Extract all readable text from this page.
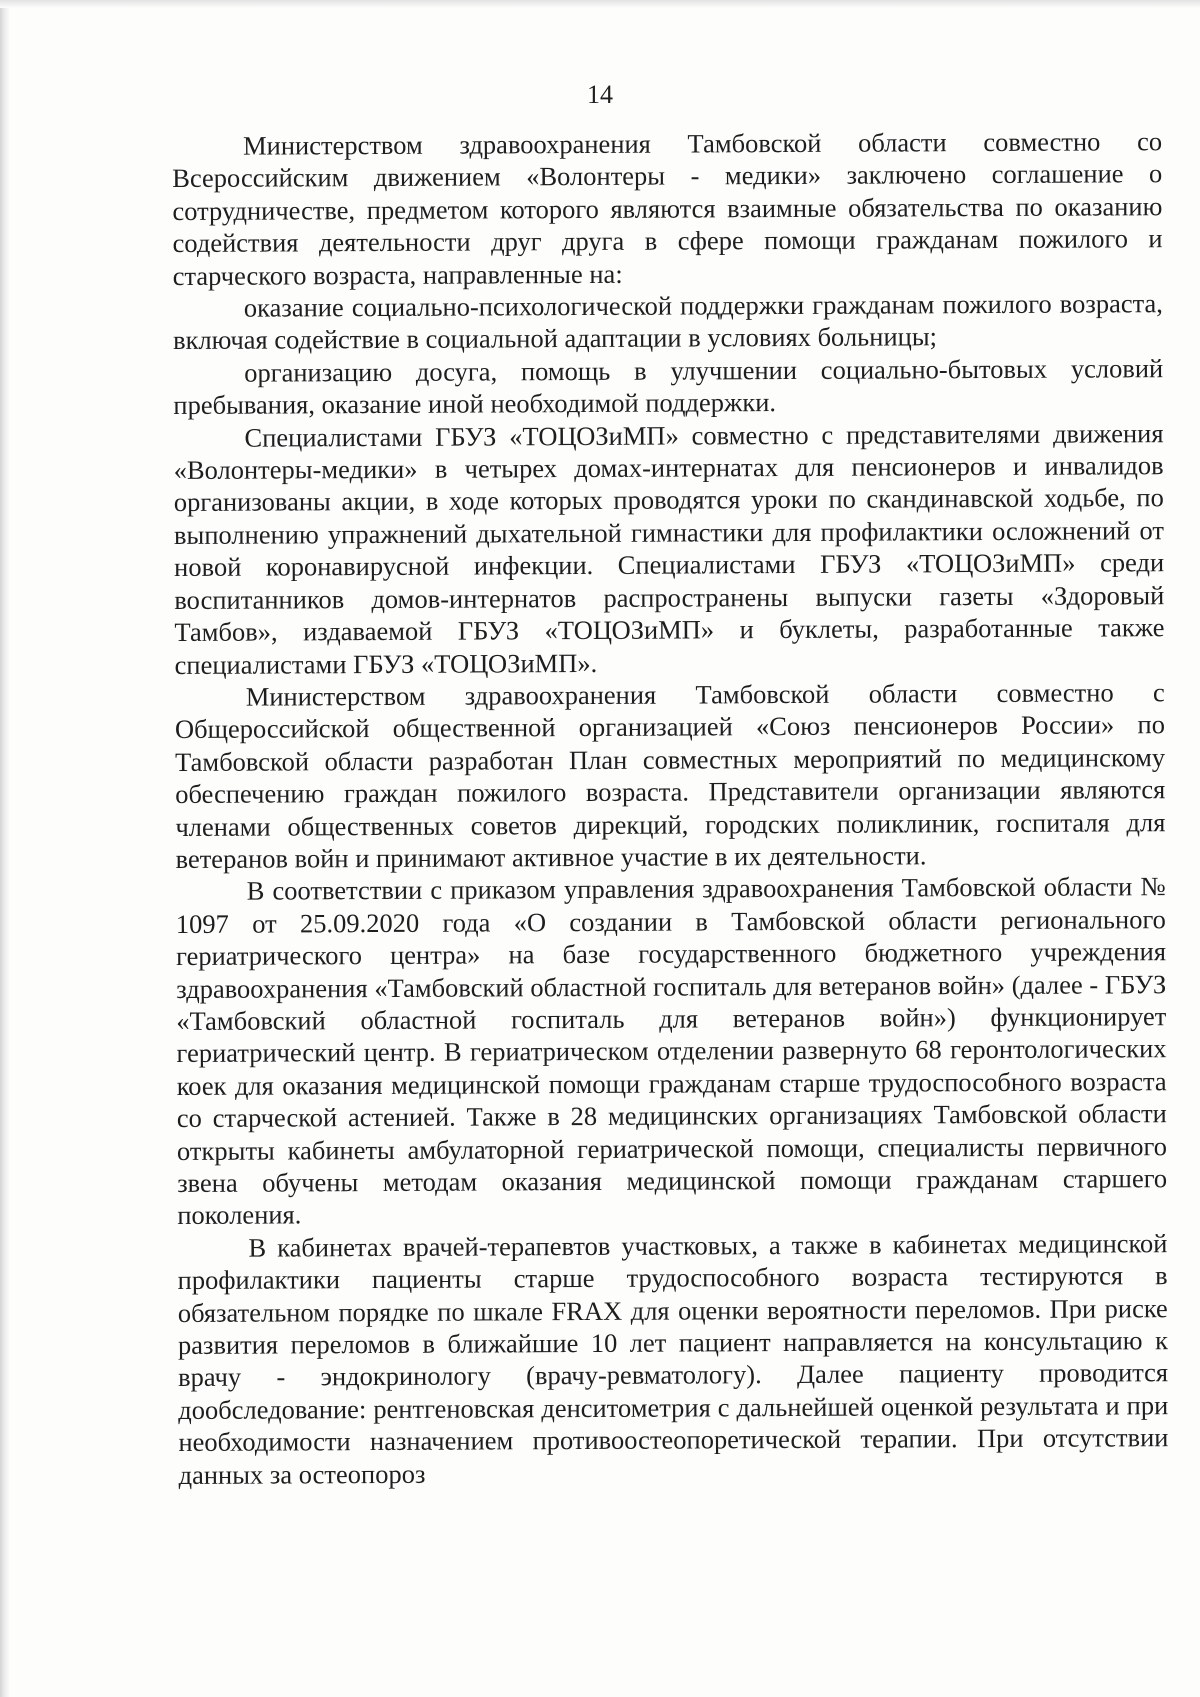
14

Министерством здравоохранения Тамбовской области совместно со Всероссийским движением «Волонтеры - медики» заключено соглашение о сотрудничестве, предметом которого являются взаимные обязательства по оказанию содействия деятельности друг друга в сфере помощи гражданам пожилого и старческого возраста, направленные на:

оказание социально-психологической поддержки гражданам пожилого возраста, включая содействие в социальной адаптации в условиях больницы;

организацию досуга, помощь в улучшении социально-бытовых условий пребывания, оказание иной необходимой поддержки.

Специалистами ГБУЗ «ТОЦОЗиМП» совместно с представителями движения «Волонтеры-медики» в четырех домах-интернатах для пенсионеров и инвалидов организованы акции, в ходе которых проводятся уроки по скандинавской ходьбе, по выполнению упражнений дыхательной гимнастики для профилактики осложнений от новой коронавирусной инфекции. Специалистами ГБУЗ «ТОЦОЗиМП» среди воспитанников домов-интернатов распространены выпуски газеты «Здоровый Тамбов», издаваемой ГБУЗ «ТОЦОЗиМП» и буклеты, разработанные также специалистами ГБУЗ «ТОЦОЗиМП».

Министерством здравоохранения Тамбовской области совместно с Общероссийской общественной организацией «Союз пенсионеров России» по Тамбовской области разработан План совместных мероприятий по медицинскому обеспечению граждан пожилого возраста. Представители организации являются членами общественных советов дирекций, городских поликлиник, госпиталя для ветеранов войн и принимают активное участие в их деятельности.

В соответствии с приказом управления здравоохранения Тамбовской области № 1097 от 25.09.2020 года «О создании в Тамбовской области регионального гериатрического центра» на базе государственного бюджетного учреждения здравоохранения «Тамбовский областной госпиталь для ветеранов войн» (далее - ГБУЗ «Тамбовский областной госпиталь для ветеранов войн») функционирует гериатрический центр. В гериатрическом отделении развернуто 68 геронтологических коек для оказания медицинской помощи гражданам старше трудоспособного возраста со старческой астенией. Также в 28 медицинских организациях Тамбовской области открыты кабинеты амбулаторной гериатрической помощи, специалисты первичного звена обучены методам оказания медицинской помощи гражданам старшего поколения.

В кабинетах врачей-терапевтов участковых, а также в кабинетах медицинской профилактики пациенты старше трудоспособного возраста тестируются в обязательном порядке по шкале FRAX для оценки вероятности переломов. При риске развития переломов в ближайшие 10 лет пациент направляется на консультацию к врачу - эндокринологу (врачу-ревматологу). Далее пациенту проводится дообследование: рентгеновская денситометрия с дальнейшей оценкой результата и при необходимости назначением противоостеопоретической терапии. При отсутствии данных за остеопороз
